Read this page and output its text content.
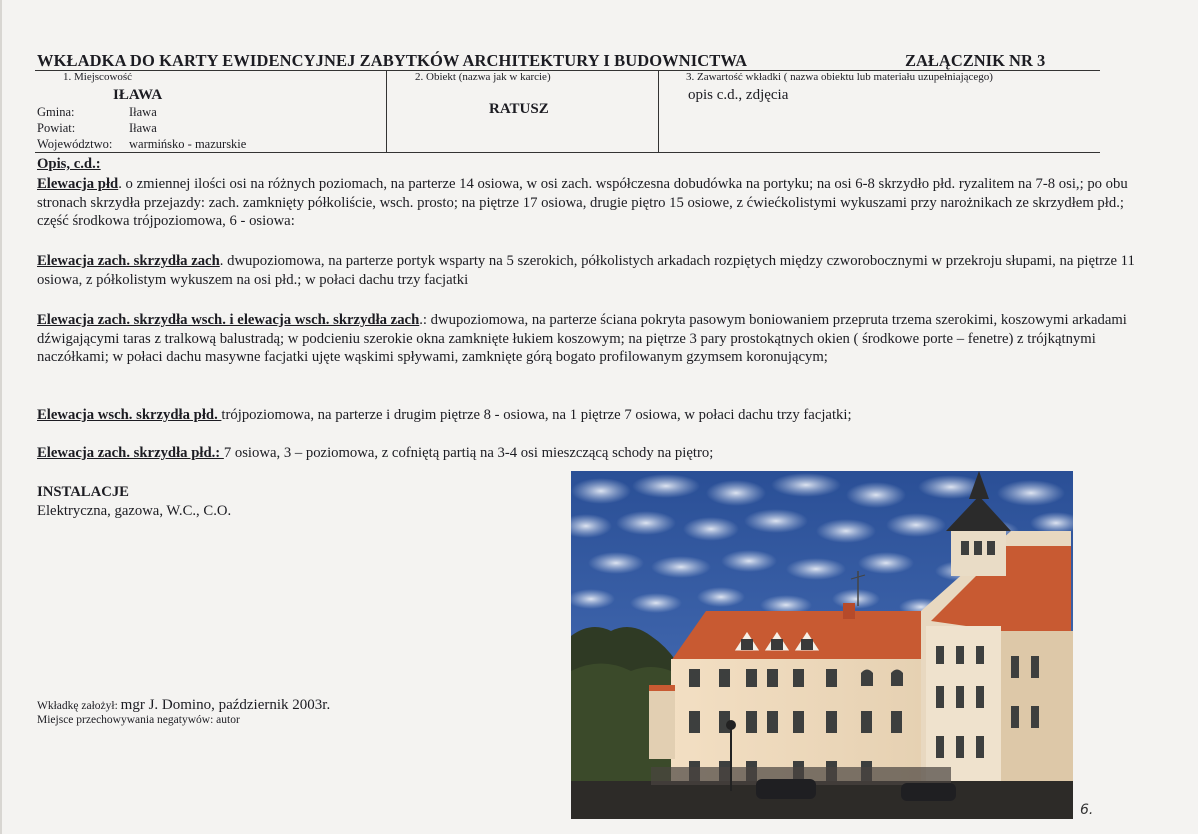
WKŁADKA DO KARTY EWIDENCYJNEJ ZABYTKÓW ARCHITEKTURY I BUDOWNICTWA	ZAŁĄCZNIK NR 3
1. Miejscowość
IŁAWA
Gmina:	Iława
Powiat:	Iława
Województwo: warmińsko - mazurskie
2. Obiekt (nazwa jak w karcie)
RATUSZ
3. Zawartość wkładki ( nazwa obiektu lub materiału uzupełniającego)
opis c.d., zdjęcia
Opis, c.d.:
Elewacja płd. o zmiennej ilości osi na różnych poziomach, na parterze 14 osiowa, w osi zach. współczesna dobudówka na portyku; na osi 6-8 skrzydło płd. ryzalitem na 7-8 osi,; po obu stronach skrzydła przejazdy: zach. zamknięty półkoliście, wsch. prosto; na piętrze 17 osiowa, drugie piętro 15 osiowe, z ćwiećkolistymi wykuszami przy narożnikach ze skrzydłem płd.; część środkowa trójpoziomowa, 6 - osiowa:
Elewacja zach. skrzydła zach. dwupoziomowa, na parterze portyk wsparty na 5 szerokich, półkolistych arkadach rozpiętych między czworobocznymi w przekroju słupami, na piętrze 11 osiowa, z półkolistym wykuszem na osi płd.; w połaci dachu trzy facjatki
Elewacja zach. skrzydła wsch. i elewacja wsch. skrzydła zach.: dwupoziomowa, na parterze ściana pokryta pasowym boniowaniem przepruta trzema szerokimi, koszowymi arkadami dźwigającymi taras z tralkową balustradą; w podcieniu szerokie okna zamknięte łukiem koszowym; na piętrze 3 pary prostokątnych okien ( środkowe porte – fenetre) z trójkątnymi naczółkami; w połaci dachu masywne facjatki ujęte wąskimi spływami, zamknięte górą bogato profilowanym gzymsem koronującym;
Elewacja wsch. skrzydła płd. trójpoziomowa, na parterze i drugim piętrze 8 - osiowa, na 1 piętrze 7 osiowa, w połaci dachu trzy facjatki;
Elewacja zach. skrzydła płd.: 7 osiowa, 3 – poziomowa, z cofniętą partią na 3-4 osi mieszczącą schody na piętro;
INSTALACJE
Elektryczna, gazowa, W.C., C.O.
Wkładkę założył: mgr J. Domino, październik 2003r.
Miejsce przechowywania negatywów: autor
6.
